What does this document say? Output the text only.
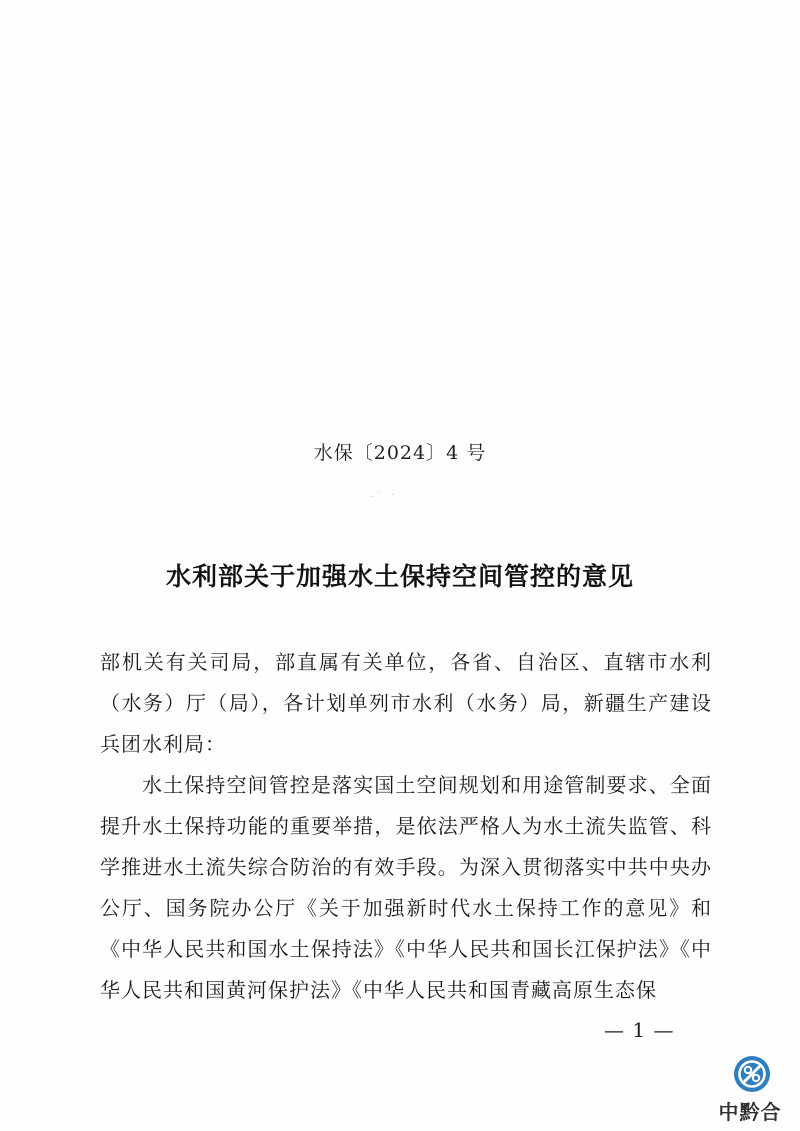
水保〔2024〕4 号
水利部关于加强水土保持空间管控的意见

部机关有关司局，部直属有关单位，各省、自治区、直辖市水利（水务）厅（局），各计划单列市水利（水务）局，新疆生产建设兵团水利局：

水土保持空间管控是落实国土空间规划和用途管制要求、全面提升水土保持功能的重要举措，是依法严格人为水土流失监管、科学推进水土流失综合防治的有效手段。为深入贯彻落实中共中央办公厅、国务院办公厅《关于加强新时代水土保持工作的意见》和《中华人民共和国水土保持法》《中华人民共和国长江保护法》《中华人民共和国黄河保护法》《中华人民共和国青藏高原生态保

— 1 —
中黔合
